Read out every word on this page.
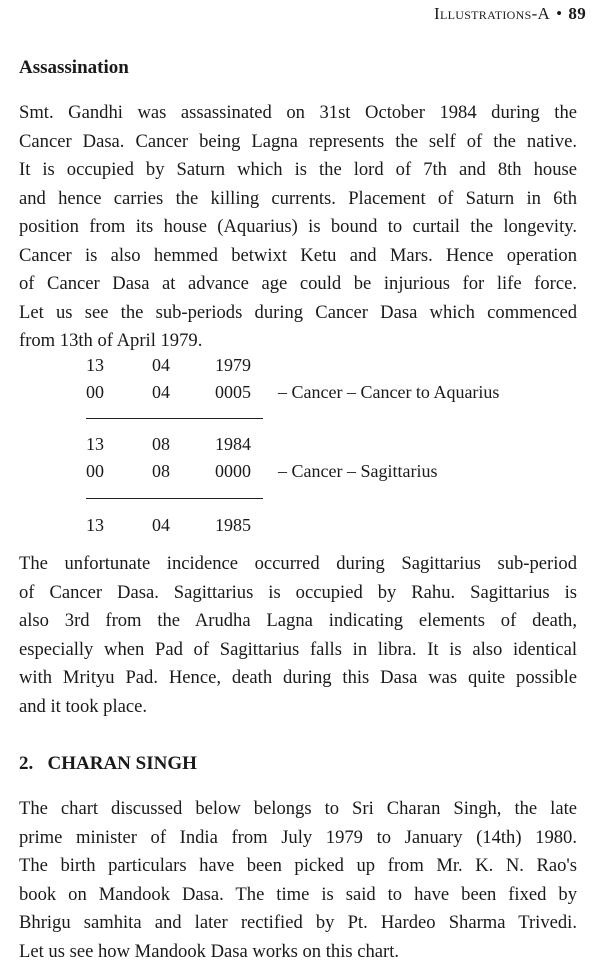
Illustrations-A • 89
Assassination
Smt. Gandhi was assassinated on 31st October 1984 during the
Cancer Dasa. Cancer being Lagna represents the self of the native.
It is occupied by Saturn which is the lord of 7th and 8th house
and hence carries the killing currents. Placement of Saturn in 6th
position from its house (Aquarius) is bound to curtail the longevity.
Cancer is also hemmed betwixt Ketu and Mars. Hence operation
of Cancer Dasa at advance age could be injurious for life force.
Let us see the sub-periods during Cancer Dasa which commenced
from 13th of April 1979.
13	04	1979
00	04	0005 – Cancer – Cancer to Aquarius
13	08	1984
00	08	0000 – Cancer – Sagittarius
13	04	1985
The unfortunate incidence occurred during Sagittarius sub-period
of Cancer Dasa. Sagittarius is occupied by Rahu. Sagittarius is
also 3rd from the Arudha Lagna indicating elements of death,
especially when Pad of Sagittarius falls in libra. It is also identical
with Mrityu Pad. Hence, death during this Dasa was quite possible
and it took place.
2.   CHARAN SINGH
The chart discussed below belongs to Sri Charan Singh, the late
prime minister of India from July 1979 to January (14th) 1980.
The birth particulars have been picked up from Mr. K. N. Rao's
book on Mandook Dasa. The time is said to have been fixed by
Bhrigu samhita and later rectified by Pt. Hardeo Sharma Trivedi.
Let us see how Mandook Dasa works on this chart.
